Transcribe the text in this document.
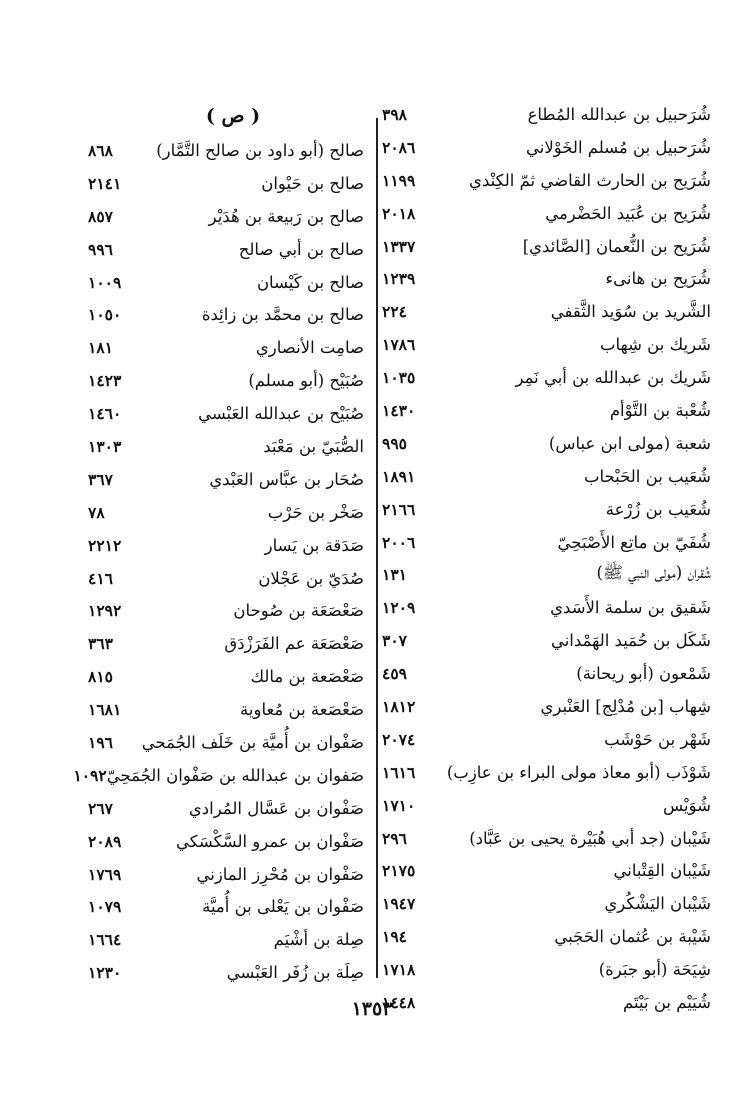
شُرَحبيل بن عبدالله المُطاع
٣٩٨
شُرَحبيل بن مُسلم الخَوْلاني
٢٠٨٦
شُرَيح بن الحارث القاضي ثمّ الكِنْدي
١١٩٩
شُرَيح بن عُبَيد الحَضْرمي
٢٠١٨
شُرَيح بن النُّعمان [الصَّائدي]
١٣٣٧
شُرَيح بن هانىء
١٢٣٩
الشَّريد بن سُوَيد الثَّقفي
٢٢٤
شَريك بن شِهاب
١٧٨٦
شَريك بن عبدالله بن أبي نَمِر
١٠٣٥
شُعْبة بن التَّوْأم
١٤٣٠
شعبة (مولى ابن عباس)
٩٩٥
شُعَيب بن الحَبْحاب
١٨٩١
شُعَيب بن زُرْعة
٢١٦٦
شُفَيّ بن ماتِع الأَصْبَحِيّ
٢٠٠٦
شُقران (مولى النبي ﷺ)
١٣١
شَقيق بن سلمة الأَسَدي
١٢٠٩
شَكَل بن حُمَيد الهَمْداني
٣٠٧
شَمْعون (أبو ريحانة)
٤٥٩
شِهاب [بن مُدْلِج] العَنْبري
١٨١٢
شَهْر بن حَوْشَب
٢٠٧٤
شَوْذَب (أبو معاذ مولى البراء بن عازِب)
١٦١٦
شُوَيْس
١٧١٠
شَيْبان (جد أبي هُبَيْرة يحيى بن عَبَّاد)
٢٩٦
شَيْبان القِتْباني
٢١٧٥
شَيْبان اليَشْكُري
١٩٤٧
شَيْبة بن عُثمان الحَجَبي
١٩٤
شِيَحَة (أبو جبَرة)
١٧١٨
شُيَيْم بن بَيْتَم
١٤٤٨
( ص )
صالح (أبو داود بن صالح التَّمَّار)
٨٦٨
صالح بن حَيْوان
٢١٤١
صالح بن رَبيعة بن هُدَيْر
٨٥٧
صالح بن أبي صالح
٩٩٦
صالح بن كَيْسان
١٠٠٩
صالح بن محمَّد بن زائِدة
١٠٥٠
صامِت الأنصاري
١٨١
صُبَيْح (أبو مسلم)
١٤٢٣
صُبَيْح بن عبدالله العَبْسي
١٤٦٠
الصُّبَيّ بن مَعْبَد
١٣٠٣
صُحَار بن عبَّاس العَبْدي
٣٦٧
صَخْر بن حَرْب
٧٨
صَدَقة بن يَسار
٢٢١٢
صُدَيّ بن عَجْلان
٤١٦
صَعْصَعَة بن صُوحان
١٢٩٢
صَعْصَعَة عم الفَرَزْدَق
٣٦٣
صَعْصَعة بن مالك
٨١٥
صَعْصَعة بن مُعاوية
١٦٨١
صَفْوان بن أُميَّة بن خَلَف الجُمَحي
١٩٦
صَفوان بن عبدالله بن صَفْوان الجُمَحِيّ
١٠٩٢
صَفْوان بن عَسَّال المُرادي
٢٦٧
صَفْوان بن عمرو السَّكْسَكي
٢٠٨٩
صَفْوان بن مُحْرِز المازني
١٧٦٩
صَفْوان بن يَعْلى بن أُميَّة
١٠٧٩
صِلة بن أشْيَم
١٦٦٤
صِلَة بن زُفَر العَبْسي
١٢٣٠
١٣٥٣
